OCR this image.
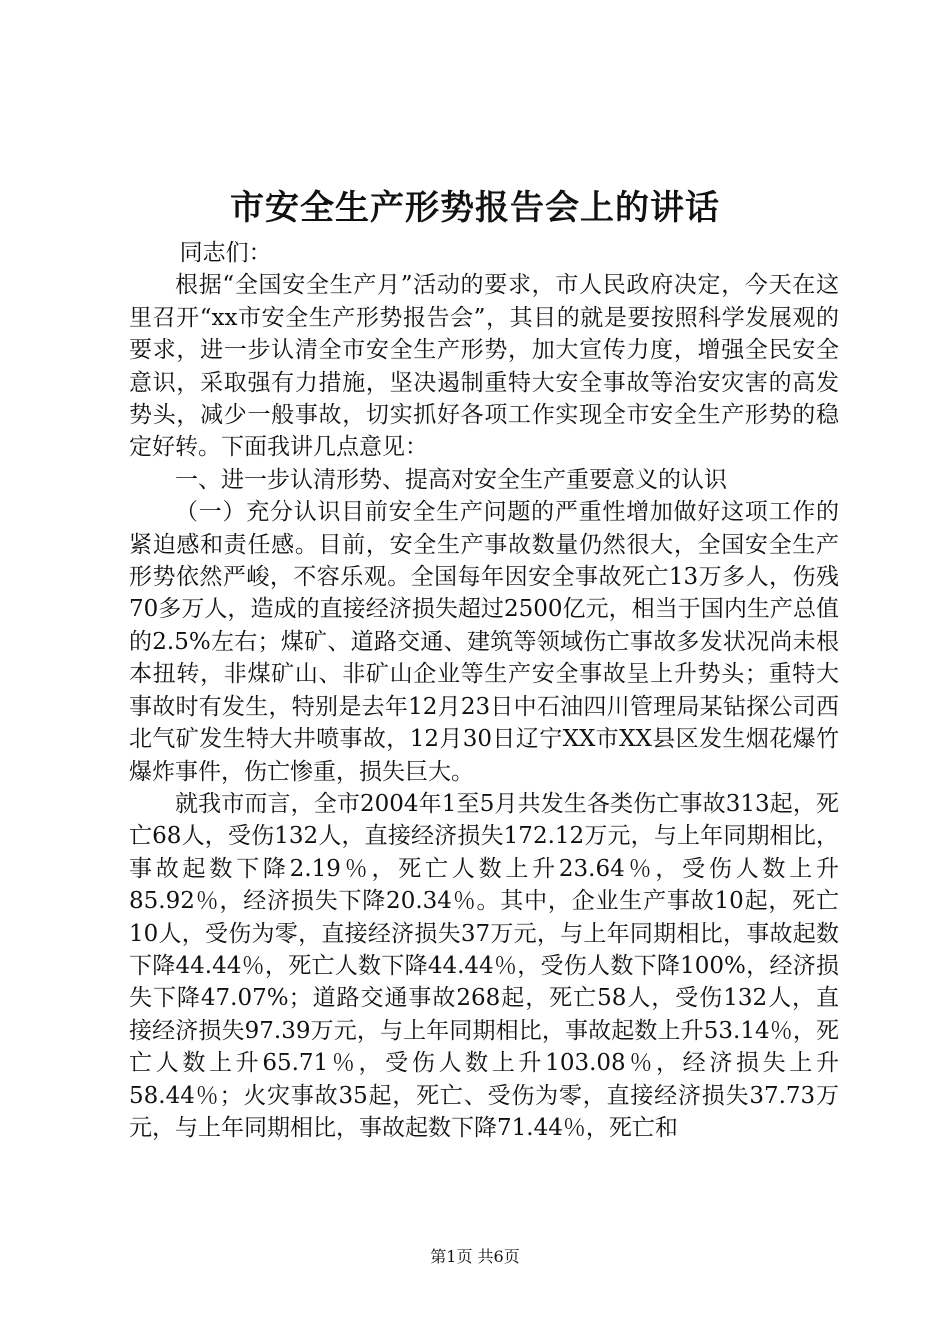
市安全生产形势报告会上的讲话

同志们：

根据“全国安全生产月”活动的要求，市人民政府决定，今天在这里召开“xx市安全生产形势报告会”，其目的就是要按照科学发展观的要求，进一步认清全市安全生产形势，加大宣传力度，增强全民安全意识，采取强有力措施，坚决遏制重特大安全事故等治安灾害的高发势头，减少一般事故，切实抓好各项工作实现全市安全生产形势的稳定好转。下面我讲几点意见：

一、进一步认清形势、提高对安全生产重要意义的认识

（一）充分认识目前安全生产问题的严重性增加做好这项工作的紧迫感和责任感。目前，安全生产事故数量仍然很大，全国安全生产形势依然严峻，不容乐观。全国每年因安全事故死亡13万多人，伤残70多万人，造成的直接经济损失超过2500亿元，相当于国内生产总值的2.5%左右；煤矿、道路交通、建筑等领域伤亡事故多发状况尚未根本扭转，非煤矿山、非矿山企业等生产安全事故呈上升势头；重特大事故时有发生，特别是去年12月23日中石油四川管理局某钻探公司西北气矿发生特大井喷事故，12月30日辽宁XX市XX县区发生烟花爆竹爆炸事件，伤亡惨重，损失巨大。

就我市而言，全市2004年1至5月共发生各类伤亡事故313起，死亡68人，受伤132人，直接经济损失172.12万元，与上年同期相比，事故起数下降2.19％，死亡人数上升23.64％，受伤人数上升85.92％，经济损失下降20.34％。其中，企业生产事故10起，死亡10人，受伤为零，直接经济损失37万元，与上年同期相比，事故起数下降44.44％，死亡人数下降44.44％，受伤人数下降100%，经济损失下降47.07%；道路交通事故268起，死亡58人，受伤132人，直接经济损失97.39万元，与上年同期相比，事故起数上升53.14％，死亡人数上升65.71％，受伤人数上升103.08％，经济损失上升58.44％；火灾事故35起，死亡、受伤为零，直接经济损失37.73万元，与上年同期相比，事故起数下降71.44％，死亡和

第1页 共6页
